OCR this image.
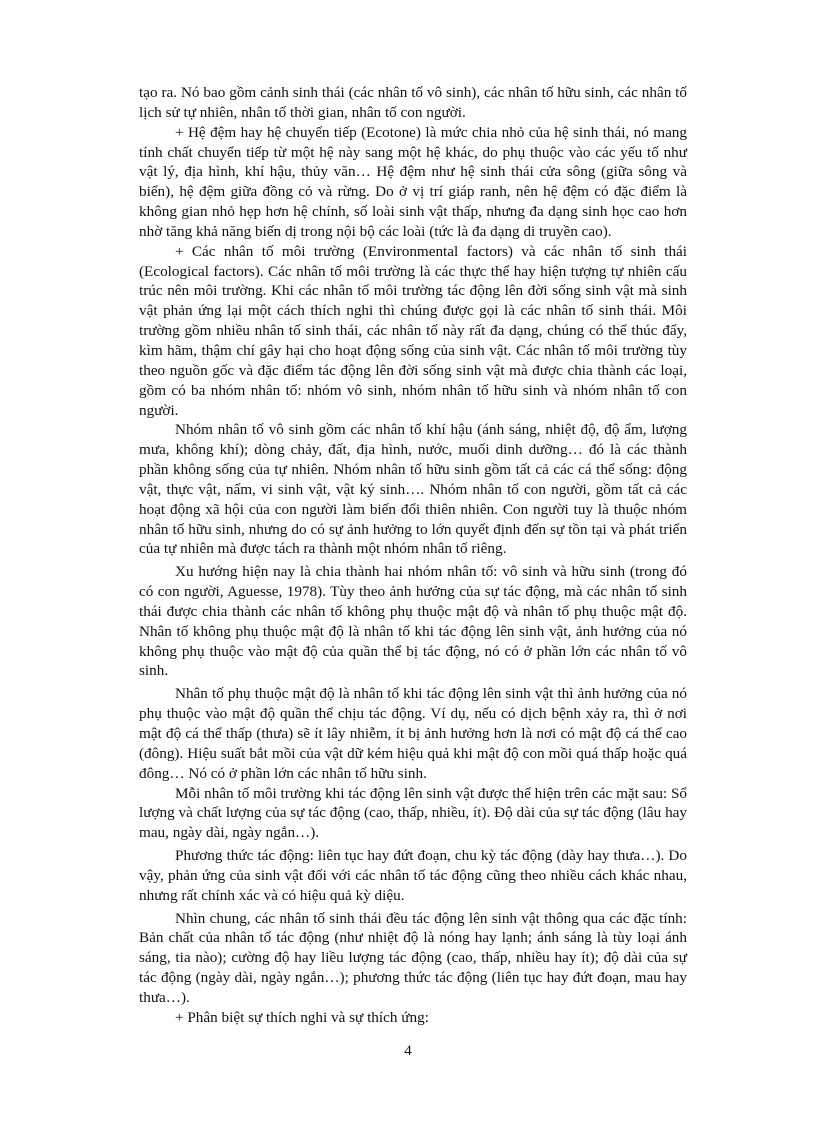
tạo ra. Nó bao gồm cảnh sinh thái (các nhân tố vô sinh), các nhân tố hữu sinh, các nhân tố lịch sử tự nhiên, nhân tố thời gian, nhân tố con người.

+ Hệ đệm hay hệ chuyển tiếp (Ecotone) là mức chia nhỏ của hệ sinh thái, nó mang tính chất chuyển tiếp từ một hệ này sang một hệ khác, do phụ thuộc vào các yếu tố như vật lý, địa hình, khí hậu, thủy văn… Hệ đệm như hệ sinh thái cửa sông (giữa sông và biển), hệ đệm giữa đồng cỏ và rừng. Do ở vị trí giáp ranh, nên hệ đệm có đặc điểm là không gian nhỏ hẹp hơn hệ chính, số loài sinh vật thấp, nhưng đa dạng sinh học cao hơn nhờ tăng khả năng biến dị trong nội bộ các loài (tức là đa dạng di truyền cao).

+ Các nhân tố môi trường (Environmental factors) và các nhân tố sinh thái (Ecological factors). Các nhân tố môi trường là các thực thể hay hiện tượng tự nhiên cấu trúc nên môi trường. Khi các nhân tố môi trường tác động lên đời sống sinh vật mà sinh vật phản ứng lại một cách thích nghi thì chúng được gọi là các nhân tố sinh thái. Môi trường gồm nhiều nhân tố sinh thái, các nhân tố này rất đa dạng, chúng có thể thúc đẩy, kìm hãm, thậm chí gây hại cho hoạt động sống của sinh vật. Các nhân tố môi trường tùy theo nguồn gốc và đặc điểm tác động lên đời sống sinh vật mà được chia thành các loại, gồm có ba nhóm nhân tố: nhóm vô sinh, nhóm nhân tố hữu sinh và nhóm nhân tố con người.

Nhóm nhân tố vô sinh gồm các nhân tố khí hậu (ánh sáng, nhiệt độ, độ ẩm, lượng mưa, không khí); dòng chảy, đất, địa hình, nước, muối dinh dưỡng… đó là các thành phần không sống của tự nhiên. Nhóm nhân tố hữu sinh gồm tất cả các cá thể sống: động vật, thực vật, nấm, vi sinh vật, vật ký sinh…. Nhóm nhân tố con người, gồm tất cả các hoạt động xã hội của con người làm biến đổi thiên nhiên. Con người tuy là thuộc nhóm nhân tố hữu sinh, nhưng do có sự ảnh hưởng to lớn quyết định đến sự tồn tại và phát triển của tự nhiên mà được tách ra thành một nhóm nhân tố riêng.

Xu hướng hiện nay là chia thành hai nhóm nhân tố: vô sinh và hữu sinh (trong đó có con người, Aguesse, 1978). Tùy theo ảnh hưởng của sự tác động, mà các nhân tố sinh thái được chia thành các nhân tố không phụ thuộc mật độ và nhân tố phụ thuộc mật độ. Nhân tố không phụ thuộc mật độ là nhân tố khi tác động lên sinh vật, ảnh hưởng của nó không phụ thuộc vào mật độ của quần thể bị tác động, nó có ở phần lớn các nhân tố vô sinh.

Nhân tố phụ thuộc mật độ là nhân tố khi tác động lên sinh vật thì ảnh hưởng của nó phụ thuộc vào mật độ quần thể chịu tác động. Ví dụ, nếu có dịch bệnh xảy ra, thì ở nơi mật độ cá thể thấp (thưa) sẽ ít lây nhiễm, ít bị ảnh hưởng hơn là nơi có mật độ cá thể cao (đông). Hiệu suất bắt mồi của vật dữ kém hiệu quả khi mật độ con mồi quá thấp hoặc quá đông… Nó có ở phần lớn các nhân tố hữu sinh.

Mỗi nhân tố môi trường khi tác động lên sinh vật được thể hiện trên các mặt sau: Số lượng và chất lượng của sự tác động (cao, thấp, nhiều, ít). Độ dài của sự tác động (lâu hay mau, ngày dài, ngày ngắn…).

Phương thức tác động: liên tục hay đứt đoạn, chu kỳ tác động (dày hay thưa…). Do vậy, phản ứng của sinh vật đối với các nhân tố tác động cũng theo nhiều cách khác nhau, nhưng rất chính xác và có hiệu quả kỳ diệu.

Nhìn chung, các nhân tố sinh thái đều tác động lên sinh vật thông qua các đặc tính: Bản chất của nhân tố tác động (như nhiệt độ là nóng hay lạnh; ánh sáng là tùy loại ánh sáng, tia nào); cường độ hay liều lượng tác động (cao, thấp, nhiều hay ít); độ dài của sự tác động (ngày dài, ngày ngắn…); phương thức tác động (liên tục hay đứt đoạn, mau hay thưa…).

+ Phân biệt sự thích nghi và sự thích ứng:

4
